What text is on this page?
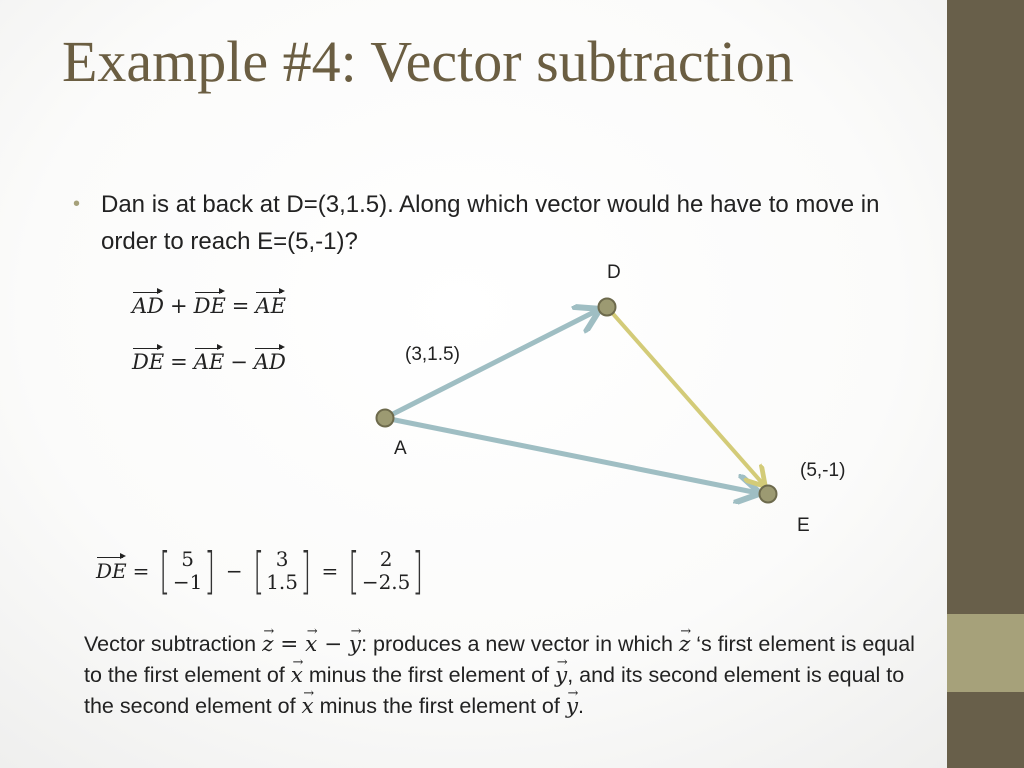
Example #4: Vector subtraction
• Dan is at back at D=(3,1.5). Along which vector would he have to move in order to reach E=(5,-1)?
AD + DE = AE
DE = AE − AD
D
(3,1.5)
A
(5,-1)
E
DE = [ 5
−1 ] − [ 3
1.5 ] = [ 2
−2.5 ]
Vector subtraction z → = x → − y →: produces a new vector in which z → ‘s first element is equal to the first element of x → minus the first element of y →, and its second element is equal to the second element of x → minus the first element of y →.
